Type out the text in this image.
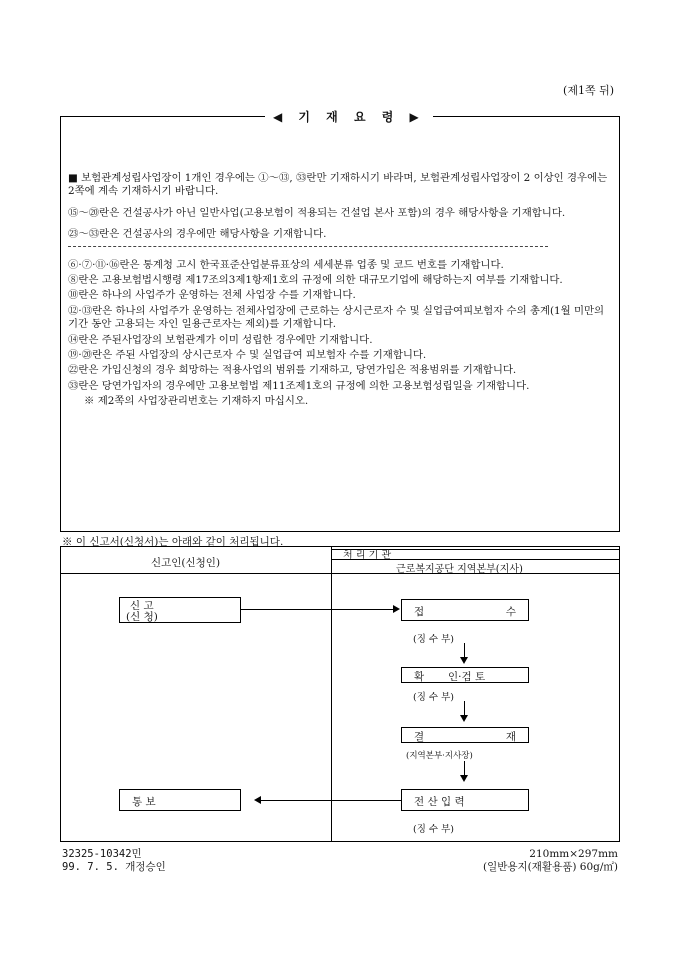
(제1쪽 뒤)
◀ 기 재 요 령 ▶

■ 보험관계성립사업장이 1개인 경우에는 ①～⑬, ㉝란만 기재하시기 바라며, 보험관계성립사업장이 2 이상인 경우에는 2쪽에 계속 기재하시기 바랍니다.

⑮～⑳란은 건설공사가 아닌 일반사업(고용보험이 적용되는 건설업 본사 포함)의 경우 해당사항을 기재합니다.

㉓～㉝란은 건설공사의 경우에만 해당사항을 기재합니다.

⑥·⑦·⑪·⑯란은 통계청 고시 한국표준산업분류표상의 세세분류 업종 및 코드 번호를 기재합니다.

⑧란은 고용보험법시행령 제17조의3제1항제1호의 규정에 의한 대규모기업에 해당하는지 여부를 기재합니다.

⑩란은 하나의 사업주가 운영하는 전체 사업장 수를 기재합니다.

⑫·⑬란은 하나의 사업주가 운영하는 전체사업장에 근로하는 상시근로자 수 및 실업급여피보험자 수의 총계(1월 미만의 기간 동안 고용되는 자인 일용근로자는 제외)를 기재합니다.

⑭란은 주된사업장의 보험관계가 이미 성립한 경우에만 기재합니다.

⑲·⑳란은 주된 사업장의 상시근로자 수 및 실업급여 피보험자 수를 기재합니다.

㉒란은 가입신청의 경우 희망하는 적용사업의 범위를 기재하고, 당연가입은 적용범위를 기재합니다.

㉝란은 당연가입자의 경우에만 고용보험법 제11조제1호의 규정에 의한 고용보험성립일을 기재합니다.

※ 제2쪽의 사업장관리번호는 기재하지 마십시오.

※ 이 신고서(신청서)는 아래와 같이 처리됩니다.
신고인(신청인)
처 리 기 관
근로복지공단 지역본부(지사)
신 고
(신 청)	접	수
(징 수 부)
확 인·검 토
(징 수 부)
결	재
(지역본부·지사장)
전 산 입 력
(징 수 부)
통 보
32325-10342민
99. 7. 5. 개정승인
210mm×297mm
(일반용지(재활용품) 60g/㎡)
